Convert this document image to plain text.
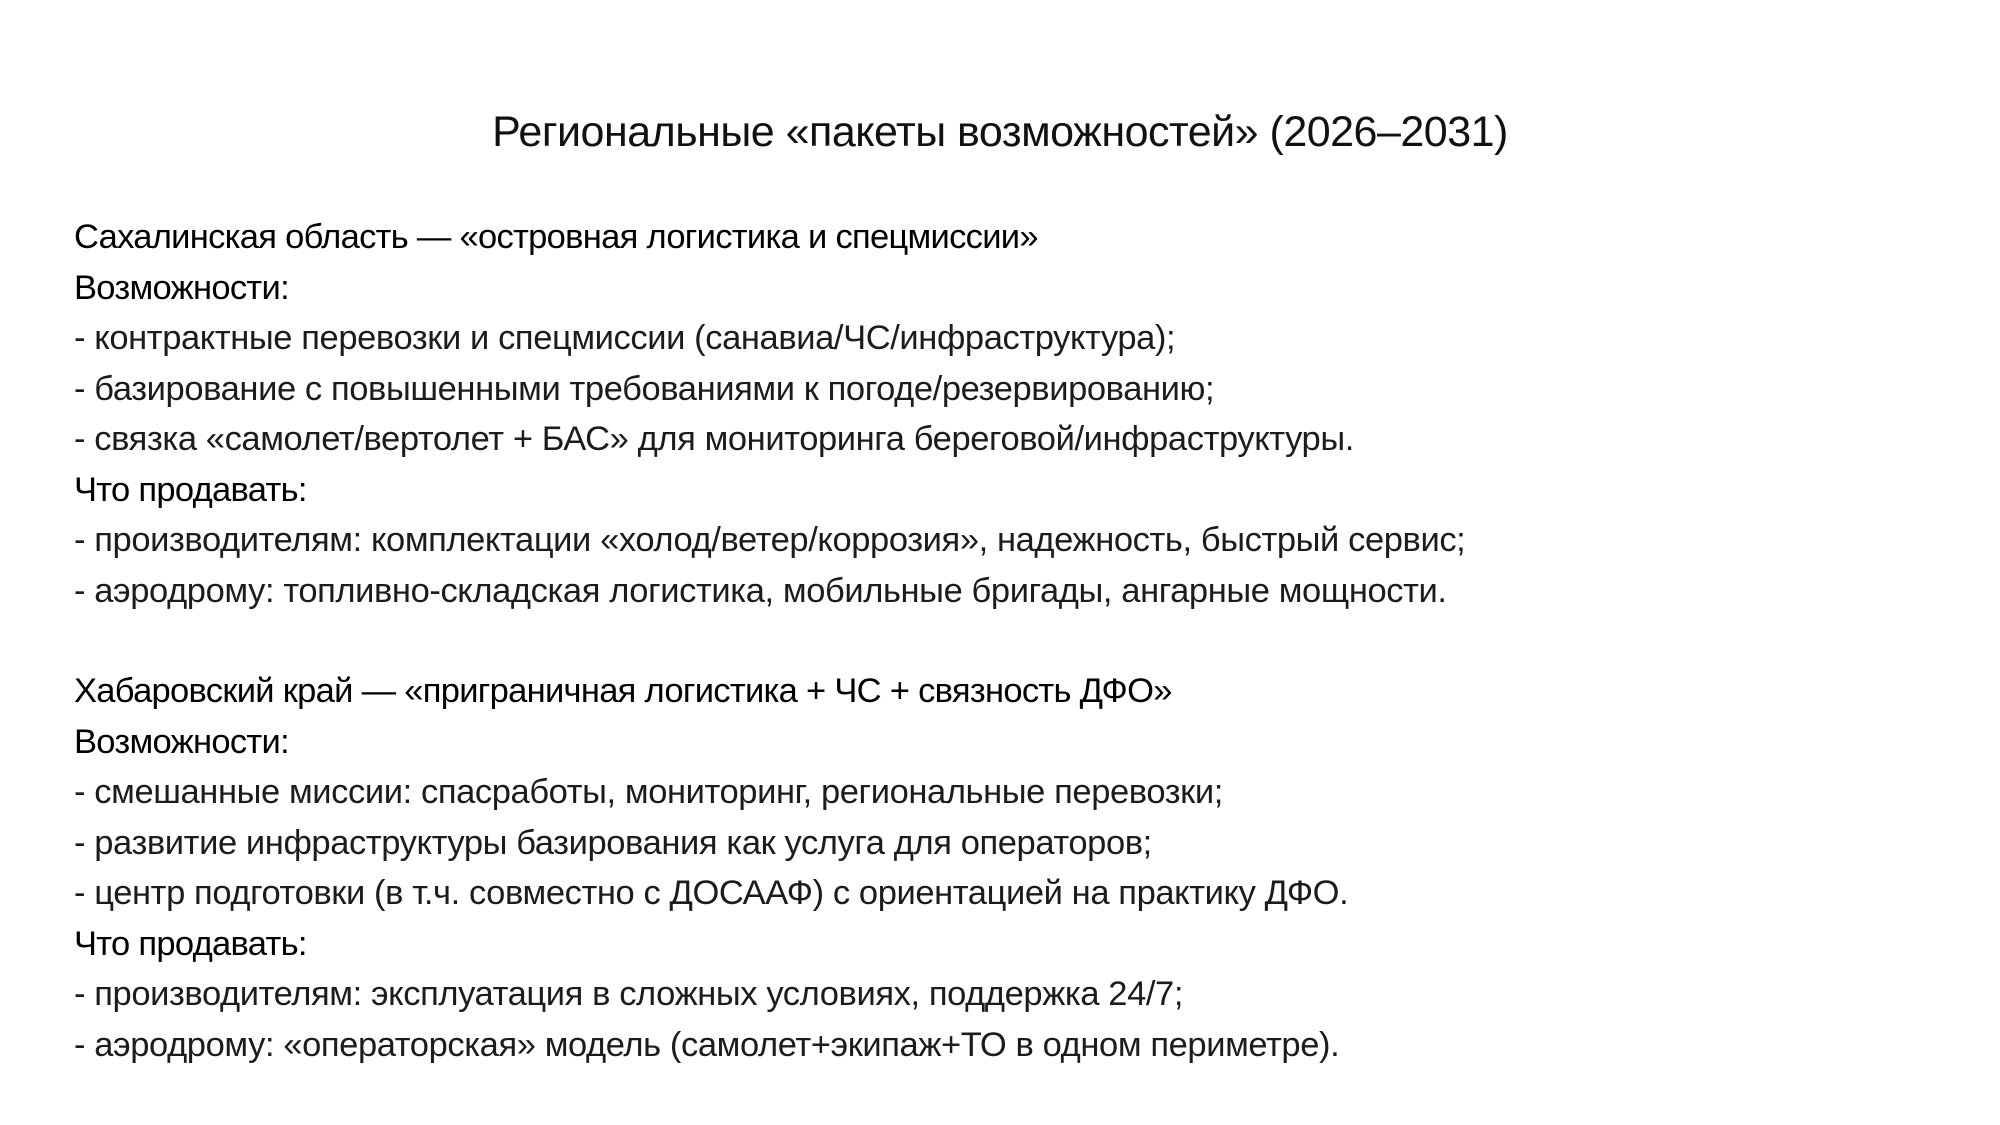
Региональные «пакеты возможностей» (2026–2031)
Сахалинская область — «островная логистика и спецмиссии»
Возможности:
- контрактные перевозки и спецмиссии (санавиа/ЧС/инфраструктура);
- базирование с повышенными требованиями к погоде/резервированию;
- связка «самолет/вертолет + БАС» для мониторинга береговой/инфраструктуры.
Что продавать:
- производителям: комплектации «холод/ветер/коррозия», надежность, быстрый сервис;
- аэродрому: топливно-складская логистика, мобильные бригады, ангарные мощности.
Хабаровский край — «приграничная логистика + ЧС + связность ДФО»
Возможности:
- смешанные миссии: спасработы, мониторинг, региональные перевозки;
- развитие инфраструктуры базирования как услуга для операторов;
- центр подготовки (в т.ч. совместно с ДОСААФ) с ориентацией на практику ДФО.
Что продавать:
- производителям: эксплуатация в сложных условиях, поддержка 24/7;
- аэродрому: «операторская» модель (самолет+экипаж+ТО в одном периметре).
